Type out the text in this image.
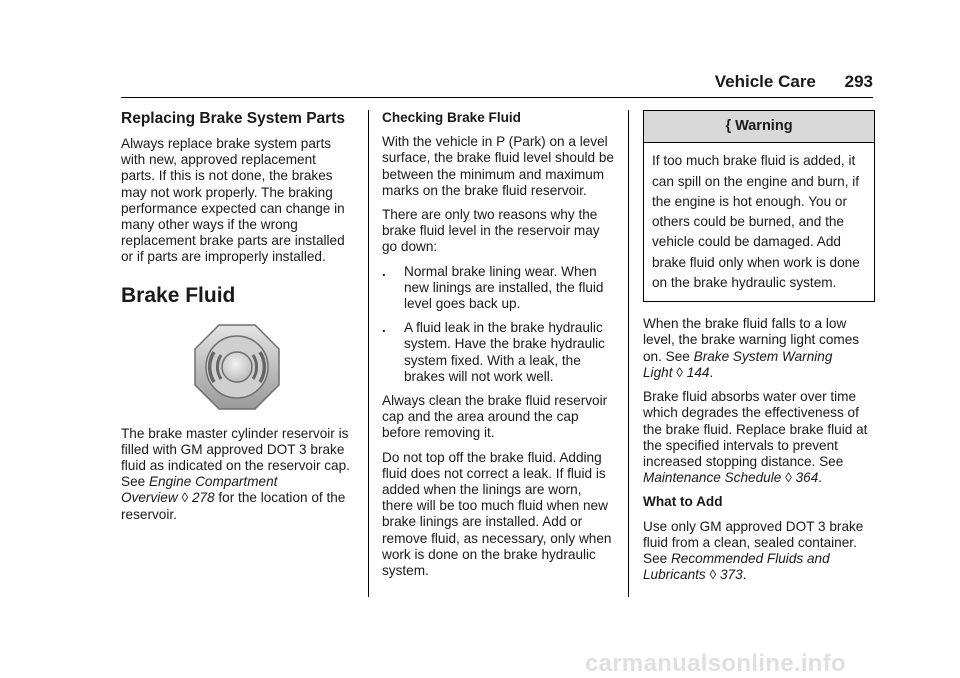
Vehicle Care 293
Replacing Brake System Parts

Always replace brake system parts with new, approved replacement parts. If this is not done, the brakes may not work properly. The braking performance expected can change in many other ways if the wrong replacement brake parts are installed or if parts are improperly installed.

Brake Fluid

The brake master cylinder reservoir is filled with GM approved DOT 3 brake fluid as indicated on the reservoir cap. See Engine Compartment Overview ◊ 278 for the location of the reservoir.

Checking Brake Fluid

With the vehicle in P (Park) on a level surface, the brake fluid level should be between the minimum and maximum marks on the brake fluid reservoir.

There are only two reasons why the brake fluid level in the reservoir may go down:

.	Normal brake lining wear. When new linings are installed, the fluid level goes back up.
.	A fluid leak in the brake hydraulic system. Have the brake hydraulic system fixed. With a leak, the brakes will not work well.

Always clean the brake fluid reservoir cap and the area around the cap before removing it.

Do not top off the brake fluid. Adding fluid does not correct a leak. If fluid is added when the linings are worn, there will be too much fluid when new brake linings are installed. Add or remove fluid, as necessary, only when work is done on the brake hydraulic system.

{ Warning
If too much brake fluid is added, it can spill on the engine and burn, if the engine is hot enough. You or others could be burned, and the vehicle could be damaged. Add brake fluid only when work is done on the brake hydraulic system.

When the brake fluid falls to a low level, the brake warning light comes on. See Brake System Warning Light ◊ 144.

Brake fluid absorbs water over time which degrades the effectiveness of the brake fluid. Replace brake fluid at the specified intervals to prevent increased stopping distance. See Maintenance Schedule ◊ 364.

What to Add

Use only GM approved DOT 3 brake fluid from a clean, sealed container. See Recommended Fluids and Lubricants ◊ 373.

carmanualsonline.info
